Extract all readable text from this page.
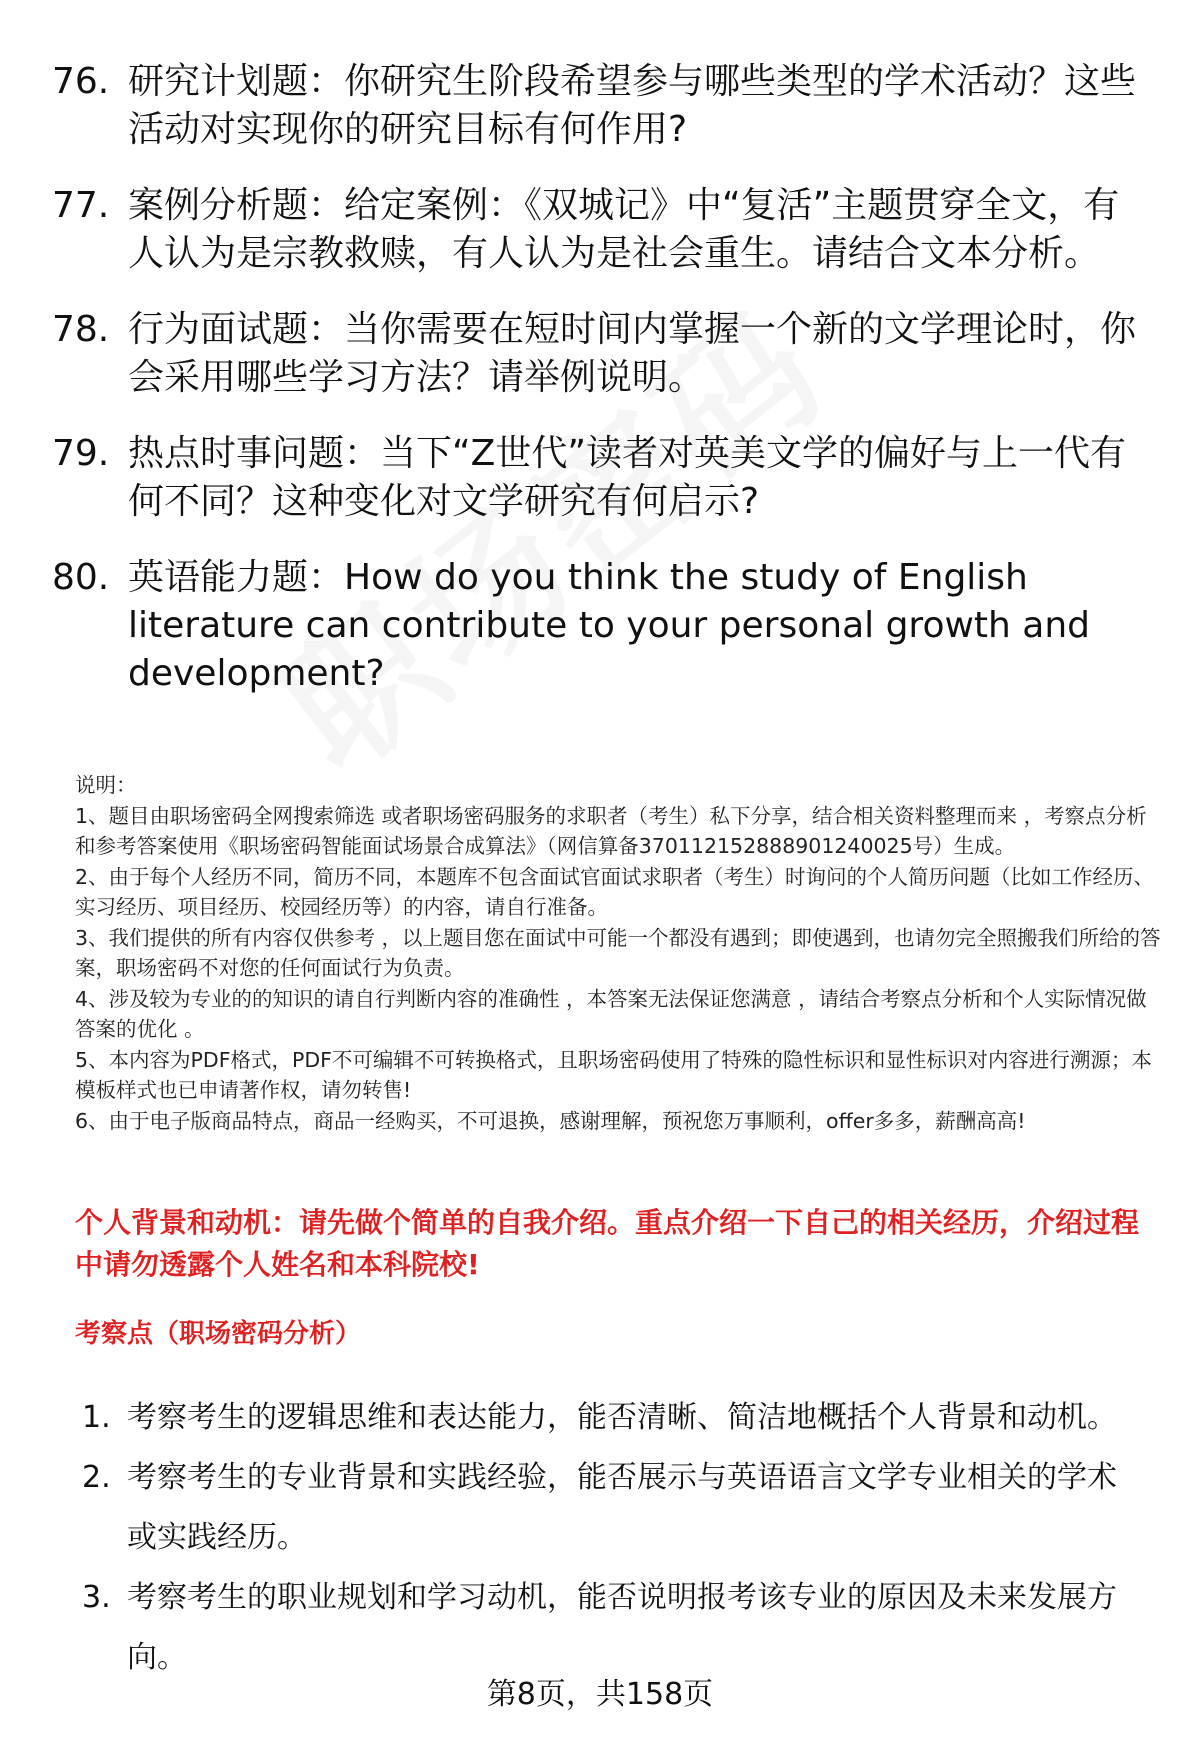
76. 研究计划题：你研究生阶段希望参与哪些类型的学术活动？这些活动对实现你的研究目标有何作用?
77. 案例分析题：给定案例：《双城记》中“复活”主题贯穿全文，有人认为是宗教救赎，有人认为是社会重生。请结合文本分析。
78. 行为面试题：当你需要在短时间内掌握一个新的文学理论时，你会采用哪些学习方法？请举例说明。
79. 热点时事问题：当下“Z世代”读者对英美文学的偏好与上一代有何不同？这种变化对文学研究有何启示?
80. 英语能力题：How do you think the study of English literature can contribute to your personal growth and development?

说明：

1、题目由职场密码全网搜索筛选 或者职场密码服务的求职者（考生）私下分享，结合相关资料整理而来 ，考察点分析和参考答案使用《职场密码智能面试场景合成算法》（网信算备370112152888901240025号）生成。

2、由于每个人经历不同，简历不同，本题库不包含面试官面试求职者（考生）时询问的个人简历问题（比如工作经历、实习经历、项目经历、校园经历等）的内容，请自行准备。

3、我们提供的所有内容仅供参考 ，以上题目您在面试中可能一个都没有遇到；即使遇到，也请勿完全照搬我们所给的答案，职场密码不对您的任何面试行为负责。

4、涉及较为专业的的知识的请自行判断内容的准确性 ，本答案无法保证您满意 ，请结合考察点分析和个人实际情况做答案的优化 。

5、本内容为PDF格式，PDF不可编辑不可转换格式，且职场密码使用了特殊的隐性标识和显性标识对内容进行溯源；本模板样式也已申请著作权，请勿转售!

6、由于电子版商品特点，商品一经购买，不可退换，感谢理解，预祝您万事顺利，offer多多，薪酬高高!

个人背景和动机：请先做个简单的自我介绍。重点介绍一下自己的相关经历，介绍过程中请勿透露个人姓名和本科院校!
考察点（职场密码分析）
1. 考察考生的逻辑思维和表达能力，能否清晰、简洁地概括个人背景和动机。
2. 考察考生的专业背景和实践经验，能否展示与英语语言文学专业相关的学术或实践经历。
3. 考察考生的职业规划和学习动机，能否说明报考该专业的原因及未来发展方向。
第8页，共158页
